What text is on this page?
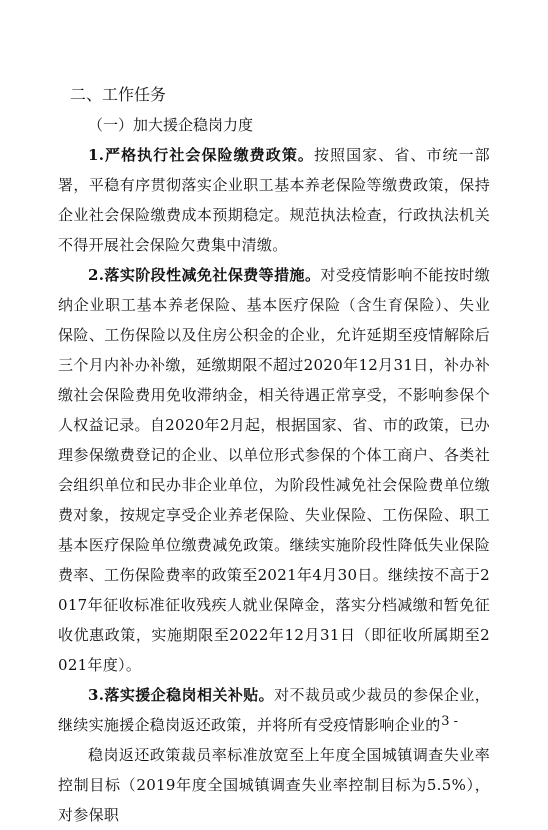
二、工作任务
（一）加大援企稳岗力度

1.严格执行社会保险缴费政策。按照国家、省、市统一部署，平稳有序贯彻落实企业职工基本养老保险等缴费政策，保持企业社会保险缴费成本预期稳定。规范执法检查，行政执法机关不得开展社会保险欠费集中清缴。

2.落实阶段性减免社保费等措施。对受疫情影响不能按时缴纳企业职工基本养老保险、基本医疗保险（含生育保险）、失业保险、工伤保险以及住房公积金的企业，允许延期至疫情解除后三个月内补办补缴，延缴期限不超过2020年12月31日，补办补缴社会保险费用免收滞纳金，相关待遇正常享受，不影响参保个人权益记录。自2020年2月起，根据国家、省、市的政策，已办理参保缴费登记的企业、以单位形式参保的个体工商户、各类社会组织单位和民办非企业单位，为阶段性减免社会保险费单位缴费对象，按规定享受企业养老保险、失业保险、工伤保险、职工基本医疗保险单位缴费减免政策。继续实施阶段性降低失业保险费率、工伤保险费率的政策至2021年4月30日。继续按不高于2017年征收标准征收残疾人就业保障金，落实分档减缴和暂免征收优惠政策，实施期限至2022年12月31日（即征收所属期至2021年度）。

3.落实援企稳岗相关补贴。对不裁员或少裁员的参保企业，继续实施援企稳岗返还政策，并将所有受疫情影响企业的

稳岗返还政策裁员率标准放宽至上年度全国城镇调查失业率控制目标（2019年度全国城镇调查失业率控制目标为5.5%），对参保职

- 3 -
